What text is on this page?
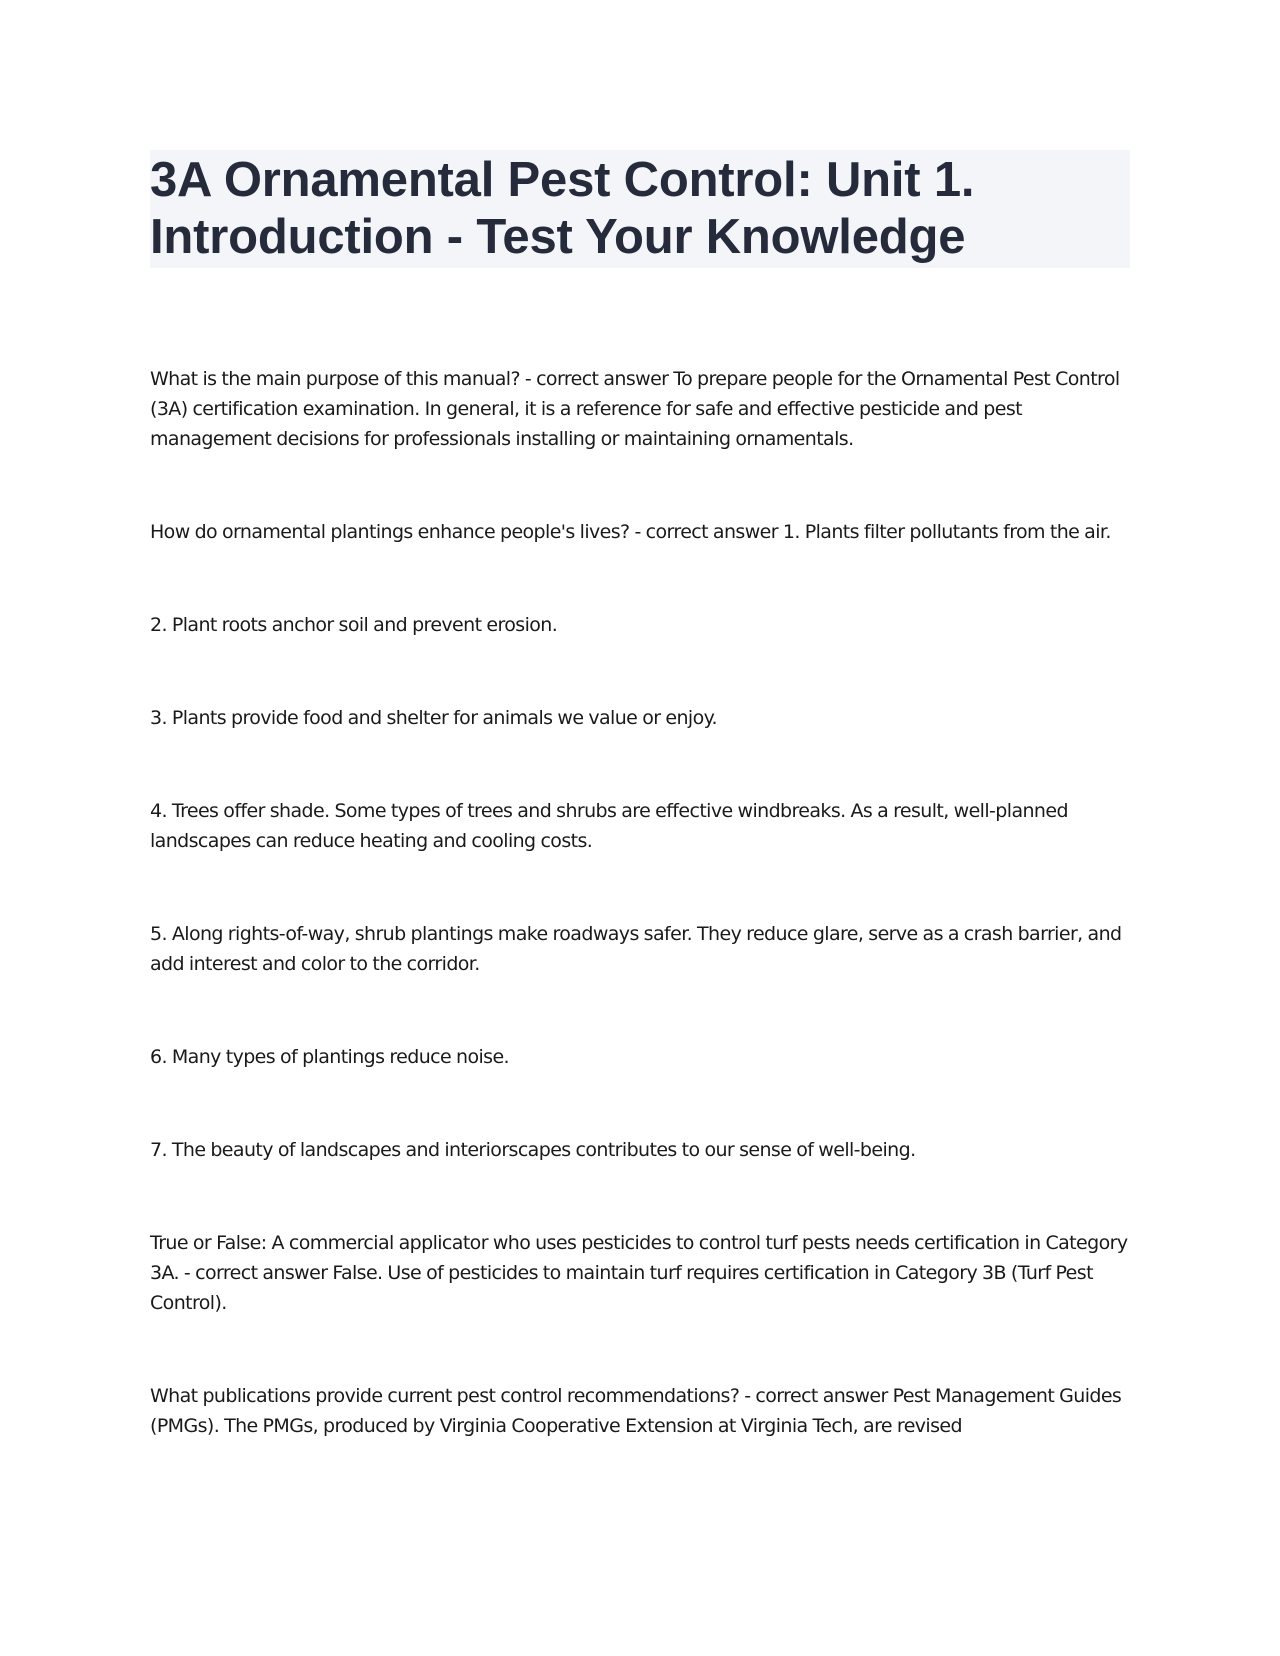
3A Ornamental Pest Control: Unit 1. Introduction - Test Your Knowledge

What is the main purpose of this manual? - correct answer To prepare people for the Ornamental Pest Control (3A) certification examination. In general, it is a reference for safe and effective pesticide and pest management decisions for professionals installing or maintaining ornamentals.

How do ornamental plantings enhance people's lives? - correct answer 1. Plants filter pollutants from the air.

2. Plant roots anchor soil and prevent erosion.

3. Plants provide food and shelter for animals we value or enjoy.

4. Trees offer shade. Some types of trees and shrubs are effective windbreaks. As a result, well-planned landscapes can reduce heating and cooling costs.

5. Along rights-of-way, shrub plantings make roadways safer. They reduce glare, serve as a crash barrier, and add interest and color to the corridor.

6. Many types of plantings reduce noise.

7. The beauty of landscapes and interiorscapes contributes to our sense of well-being.

True or False: A commercial applicator who uses pesticides to control turf pests needs certification in Category 3A. - correct answer False. Use of pesticides to maintain turf requires certification in Category 3B (Turf Pest Control).

What publications provide current pest control recommendations? - correct answer Pest Management Guides (PMGs). The PMGs, produced by Virginia Cooperative Extension at Virginia Tech, are revised
